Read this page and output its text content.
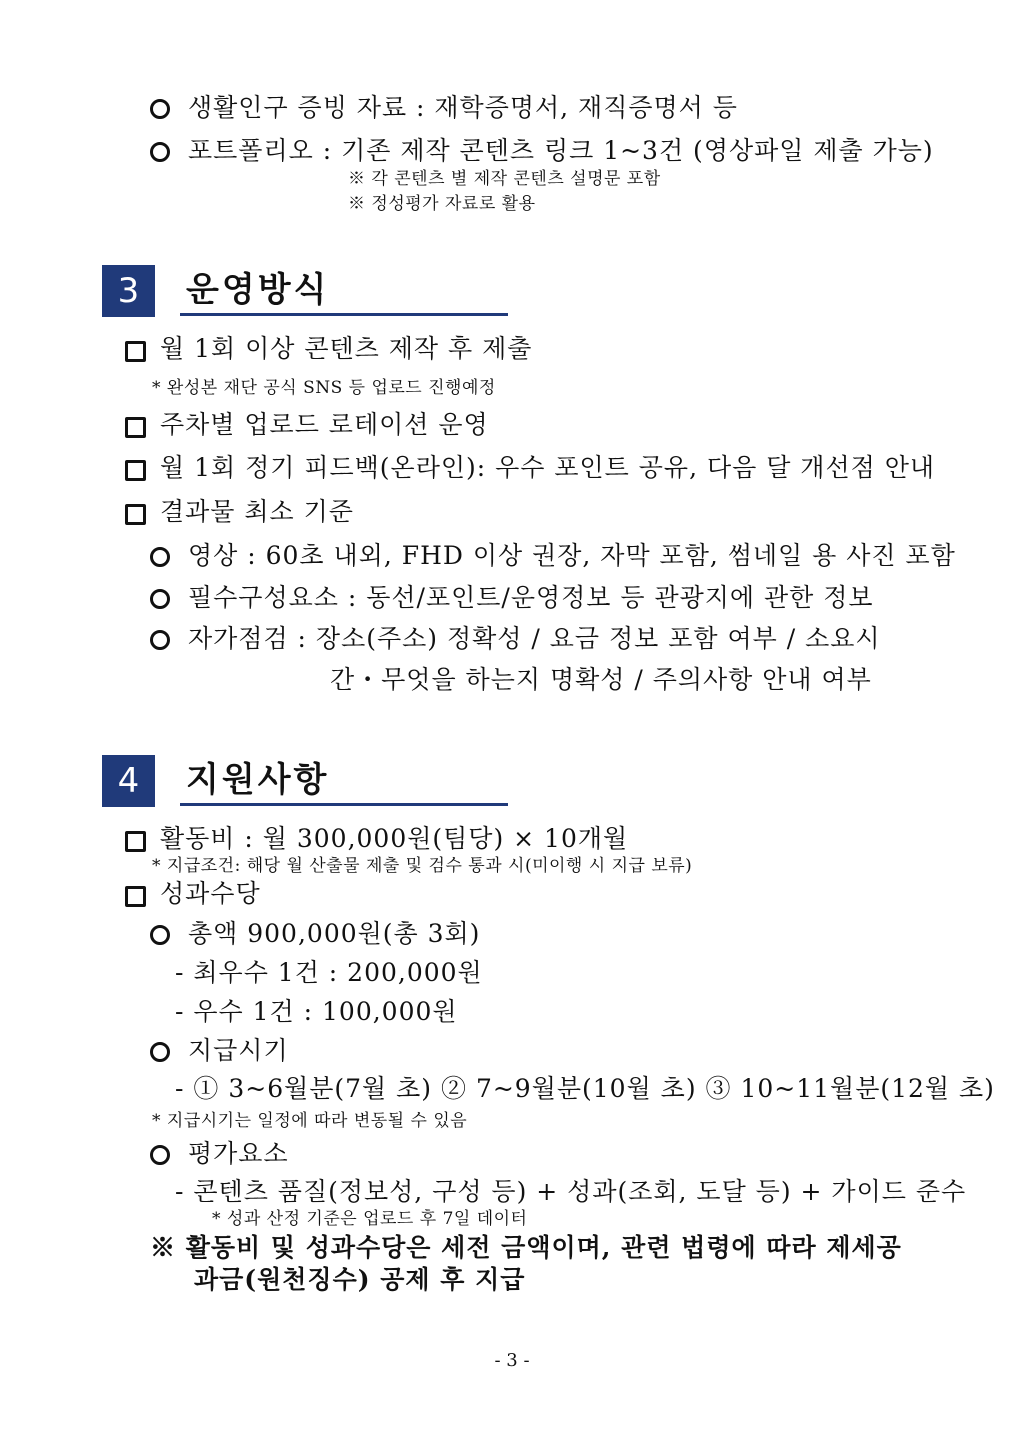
생활인구 증빙 자료 : 재학증명서, 재직증명서 등
포트폴리오 : 기존 제작 콘텐츠 링크 1~3건 (영상파일 제출 가능)
※ 각 콘텐츠 별 제작 콘텐츠 설명문 포함
※ 정성평가 자료로 활용
3	운영방식
월 1회 이상 콘텐츠 제작 후 제출
* 완성본 재단 공식 SNS 등 업로드 진행예정
주차별 업로드 로테이션 운영
월 1회 정기 피드백(온라인): 우수 포인트 공유, 다음 달 개선점 안내
결과물 최소 기준
영상 : 60초 내외, FHD 이상 권장, 자막 포함, 썸네일 용 사진 포함
필수구성요소 : 동선/포인트/운영정보 등 관광지에 관한 정보
자가점검 : 장소(주소) 정확성 / 요금 정보 포함 여부 / 소요시
간・무엇을 하는지 명확성 / 주의사항 안내 여부
4	지원사항
활동비 : 월 300,000원(팀당) × 10개월
* 지급조건: 해당 월 산출물 제출 및 검수 통과 시(미이행 시 지급 보류)
성과수당
총액 900,000원(총 3회)
- 최우수 1건 : 200,000원
- 우수 1건 : 100,000원
지급시기
- ① 3~6월분(7월 초) ② 7~9월분(10월 초) ③ 10~11월분(12월 초)
* 지급시기는 일정에 따라 변동될 수 있음
평가요소
- 콘텐츠 품질(정보성, 구성 등) + 성과(조회, 도달 등) + 가이드 준수
* 성과 산정 기준은 업로드 후 7일 데이터
※ 활동비 및 성과수당은 세전 금액이며, 관련 법령에 따라 제세공
과금(원천징수) 공제 후 지급
- 3 -
